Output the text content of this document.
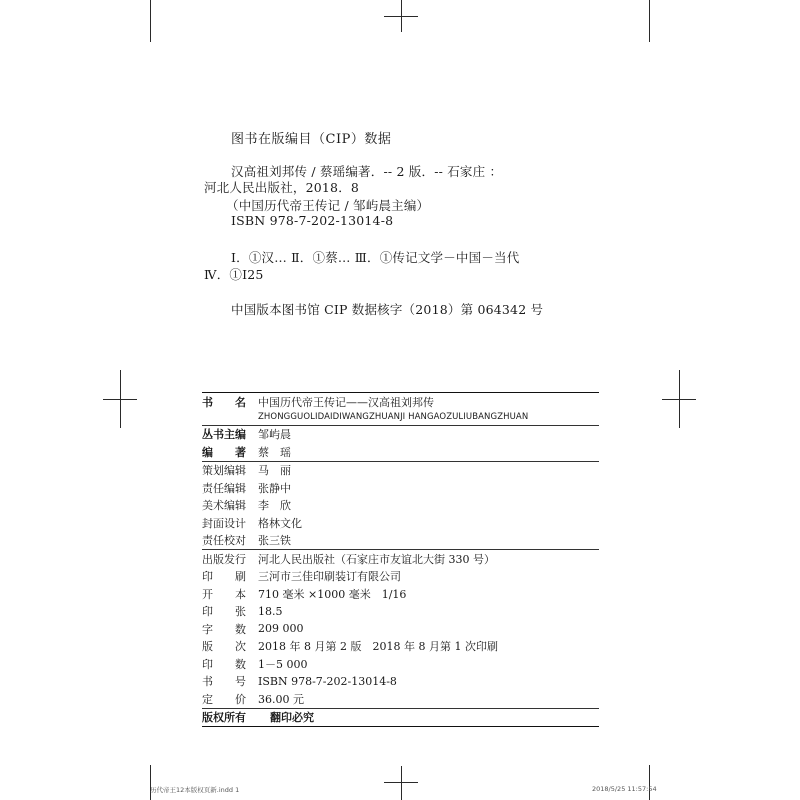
图书在版编目（CIP）数据
汉高祖刘邦传 / 蔡瑶编著．-- 2 版．-- 石家庄 ：
河北人民出版社，2018．8
（中国历代帝王传记 / 邹屿晨主编）
ISBN 978-7-202-13014-8
Ⅰ．①汉… Ⅱ．①蔡… Ⅲ．①传记文学－中国－当代
Ⅳ．①I25
中国版本图书馆 CIP 数据核字（2018）第 064342 号
书　　名	中国历代帝王传记——汉高祖刘邦传
ZHONGGUOLIDAIDIWANGZHUANJI HANGAOZULIUBANGZHUAN
丛书主编	邹屿晨
编　　著	蔡　瑶
策划编辑	马　丽
责任编辑	张静中
美术编辑	李　欣
封面设计	格林文化
责任校对	张三铁
出版发行	河北人民出版社（石家庄市友谊北大街 330 号）
印　　刷	三河市三佳印刷装订有限公司
开　　本	710 毫米 ×1000 毫米　1/16
印　　张	18.5
字　　数	209 000
版　　次	2018 年 8 月第 2 版　2018 年 8 月第 1 次印刷
印　　数	1－5 000
书　　号	ISBN 978-7-202-13014-8
定　　价	36.00 元
版权所有	翻印必究
历代帝王12本版权页新.indd 1	2018/5/25 11:57:54
